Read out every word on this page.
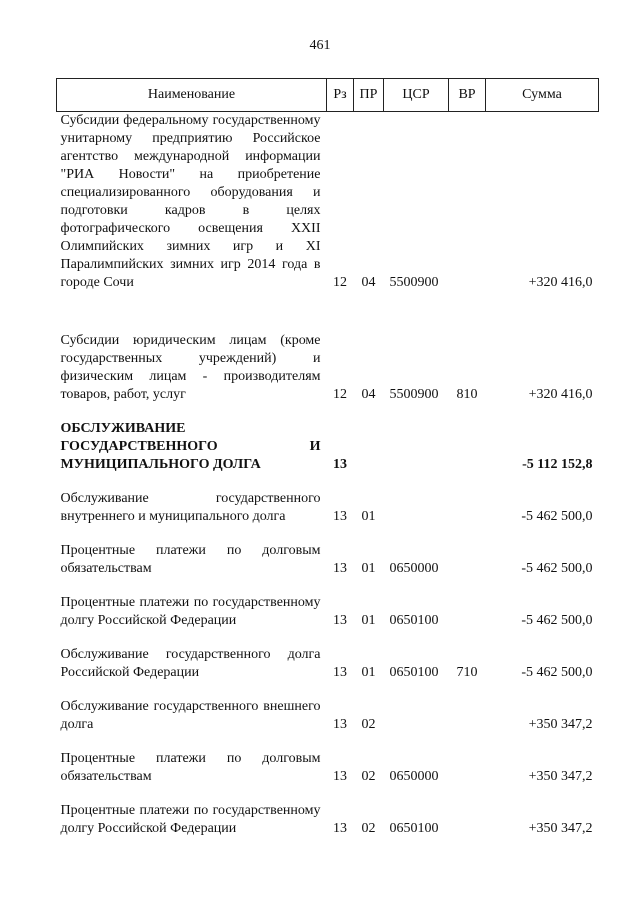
461
Наименование	Рз	ПР	ЦСР	ВР	Сумма
Субсидии федеральному государственному унитарному предприятию Российское агентство международной информации "РИА Новости" на приобретение специализированного оборудования и подготовки кадров в целях фотографического освещения XXII Олимпийских зимних игр и XI Паралимпийских зимних игр 2014 года в городе Сочи	12	04	5500900		+320 416,0
Субсидии юридическим лицам (кроме государственных учреждений) и физическим лицам - производителям товаров, работ, услуг	12	04	5500900	810	+320 416,0
ОБСЛУЖИВАНИЕ ГОСУДАРСТВЕННОГО И МУНИЦИПАЛЬНОГО ДОЛГА	13				-5 112 152,8
Обслуживание государственного внутреннего и муниципального долга	13	01			-5 462 500,0
Процентные платежи по долговым обязательствам	13	01	0650000		-5 462 500,0
Процентные платежи по государственному долгу Российской Федерации	13	01	0650100		-5 462 500,0
Обслуживание государственного долга Российской Федерации	13	01	0650100	710	-5 462 500,0
Обслуживание государственного внешнего долга	13	02			+350 347,2
Процентные платежи по долговым обязательствам	13	02	0650000		+350 347,2
Процентные платежи по государственному долгу Российской Федерации	13	02	0650100		+350 347,2
